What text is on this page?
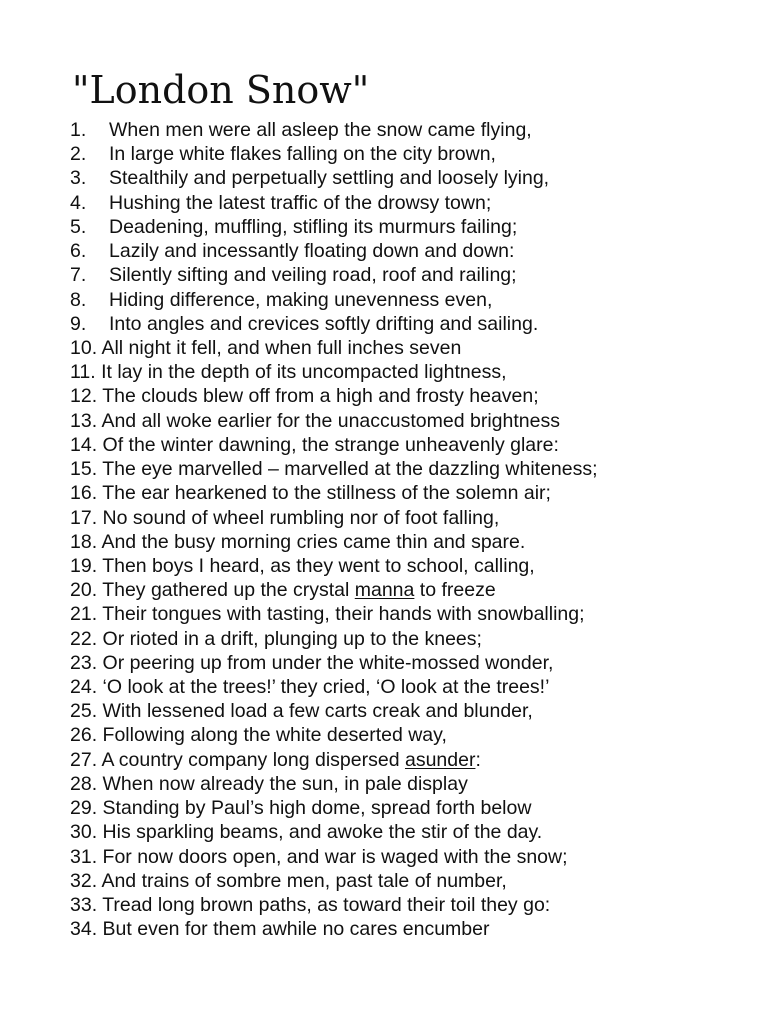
"London Snow"
1. When men were all asleep the snow came flying,
2. In large white flakes falling on the city brown,
3. Stealthily and perpetually settling and loosely lying,
4. Hushing the latest traffic of the drowsy town;
5. Deadening, muffling, stifling its murmurs failing;
6. Lazily and incessantly floating down and down:
7. Silently sifting and veiling road, roof and railing;
8. Hiding difference, making unevenness even,
9. Into angles and crevices softly drifting and sailing.
10. All night it fell, and when full inches seven
11. It lay in the depth of its uncompacted lightness,
12. The clouds blew off from a high and frosty heaven;
13. And all woke earlier for the unaccustomed brightness
14. Of the winter dawning, the strange unheavenly glare:
15. The eye marvelled – marvelled at the dazzling whiteness;
16. The ear hearkened to the stillness of the solemn air;
17. No sound of wheel rumbling nor of foot falling,
18. And the busy morning cries came thin and spare.
19. Then boys I heard, as they went to school, calling,
20. They gathered up the crystal manna to freeze
21. Their tongues with tasting, their hands with snowballing;
22. Or rioted in a drift, plunging up to the knees;
23. Or peering up from under the white-mossed wonder,
24. ‘O look at the trees!’ they cried, ‘O look at the trees!’
25. With lessened load a few carts creak and blunder,
26. Following along the white deserted way,
27. A country company long dispersed asunder:
28. When now already the sun, in pale display
29. Standing by Paul’s high dome, spread forth below
30. His sparkling beams, and awoke the stir of the day.
31. For now doors open, and war is waged with the snow;
32. And trains of sombre men, past tale of number,
33. Tread long brown paths, as toward their toil they go:
34. But even for them awhile no cares encumber
